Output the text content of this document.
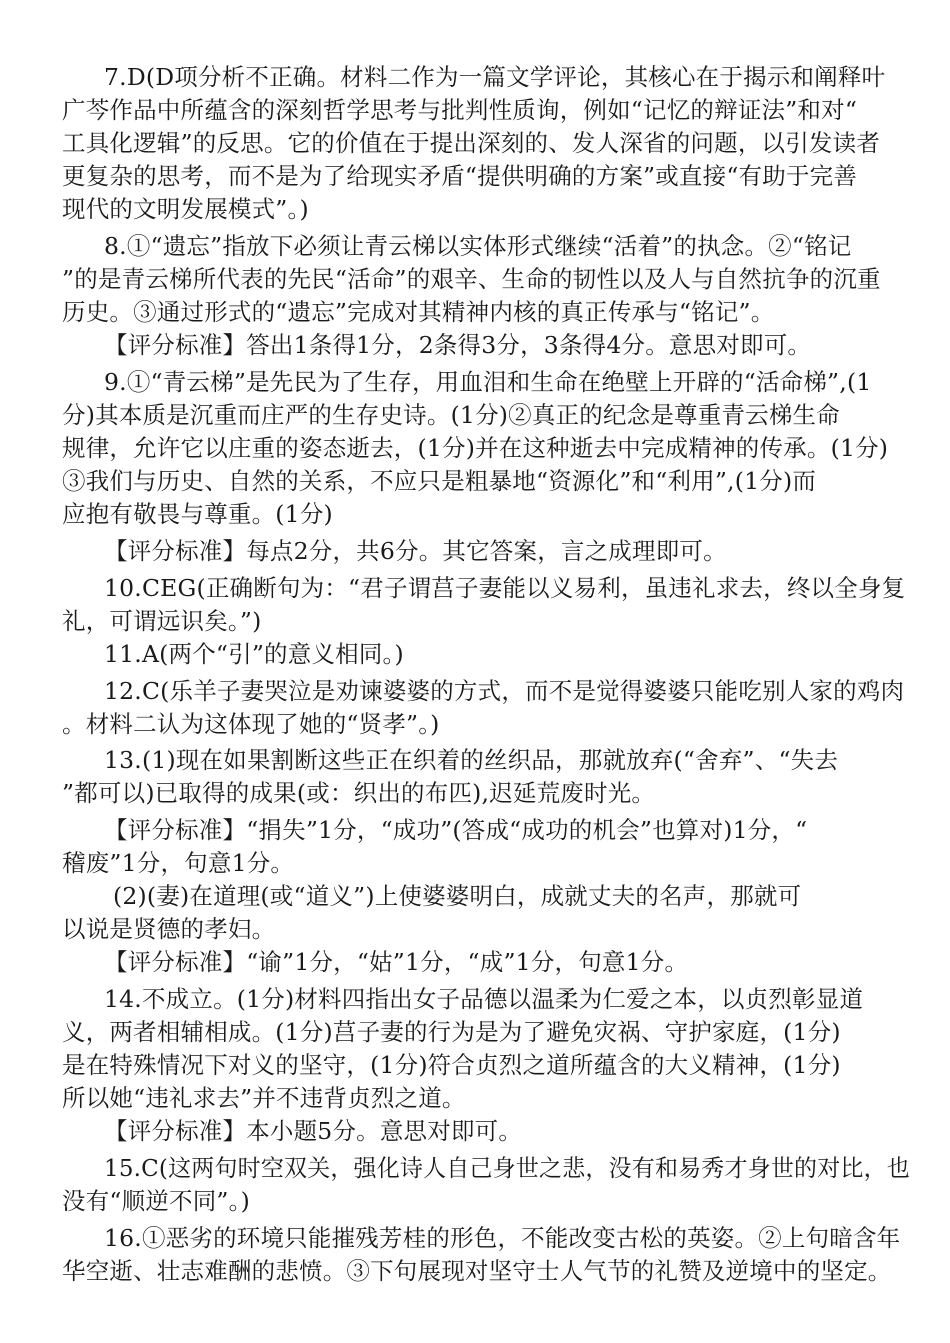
7.D(D项分析不正确。材料二作为一篇文学评论，其核心在于揭示和阐释叶
广芩作品中所蕴含的深刻哲学思考与批判性质询，例如“记忆的辩证法”和对“
工具化逻辑”的反思。它的价值在于提出深刻的、发人深省的问题，以引发读者
更复杂的思考，而不是为了给现实矛盾“提供明确的方案”或直接“有助于完善
现代的文明发展模式”。)
8.①“遗忘”指放下必须让青云梯以实体形式继续“活着”的执念。②“铭记
”的是青云梯所代表的先民“活命”的艰辛、生命的韧性以及人与自然抗争的沉重
历史。③通过形式的“遗忘”完成对其精神内核的真正传承与“铭记”。
【评分标准】答出1条得1分，2条得3分，3条得4分。意思对即可。
9.①“青云梯”是先民为了生存，用血泪和生命在绝壁上开辟的“活命梯”,(1
分)其本质是沉重而庄严的生存史诗。(1分)②真正的纪念是尊重青云梯生命
规律，允许它以庄重的姿态逝去，(1分)并在这种逝去中完成精神的传承。(1分)
③我们与历史、自然的关系，不应只是粗暴地“资源化”和“利用”,(1分)而
应抱有敬畏与尊重。(1分)
【评分标准】每点2分，共6分。其它答案，言之成理即可。
10.CEG(正确断句为：“君子谓莒子妻能以义易利，虽违礼求去，终以全身复
礼，可谓远识矣。”)
11.A(两个“引”的意义相同。)
12.C(乐羊子妻哭泣是劝谏婆婆的方式，而不是觉得婆婆只能吃别人家的鸡肉
。材料二认为这体现了她的“贤孝”。)
13.(1)现在如果割断这些正在织着的丝织品，那就放弃(“舍弃”、“失去
”都可以)已取得的成果(或：织出的布匹),迟延荒废时光。
【评分标准】“捐失”1分，“成功”(答成“成功的机会”也算对)1分，“
稽废”1分，句意1分。
(2)(妻)在道理(或“道义”)上使婆婆明白，成就丈夫的名声，那就可
以说是贤德的孝妇。
【评分标准】“谕”1分，“姑”1分，“成”1分，句意1分。
14.不成立。(1分)材料四指出女子品德以温柔为仁爱之本，以贞烈彰显道
义，两者相辅相成。(1分)莒子妻的行为是为了避免灾祸、守护家庭，(1分)
是在特殊情况下对义的坚守，(1分)符合贞烈之道所蕴含的大义精神，(1分)
所以她“违礼求去”并不违背贞烈之道。
【评分标准】本小题5分。意思对即可。
15.C(这两句时空双关，强化诗人自己身世之悲，没有和易秀才身世的对比，也
没有“顺逆不同”。)
16.①恶劣的环境只能摧残芳桂的形色，不能改变古松的英姿。②上句暗含年
华空逝、壮志难酬的悲愤。③下句展现对坚守士人气节的礼赞及逆境中的坚定。
